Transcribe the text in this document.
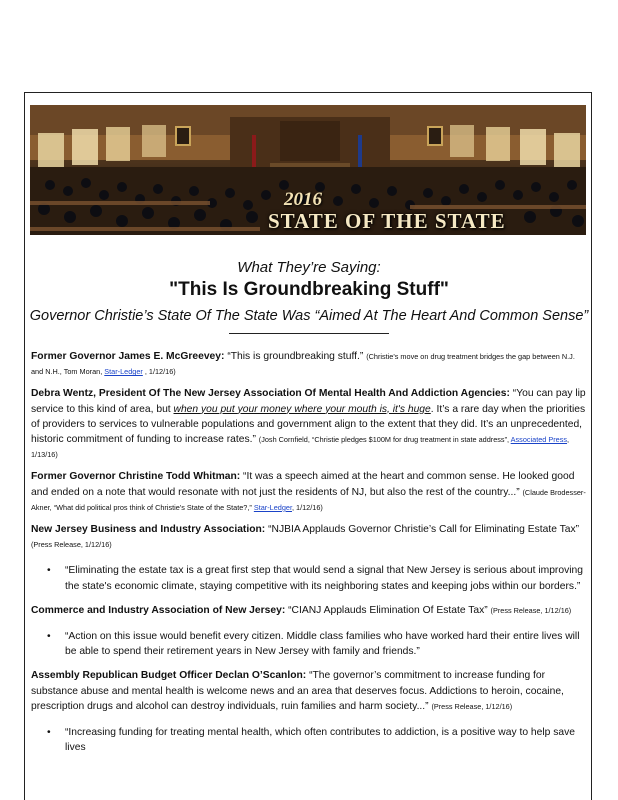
2016
STATE OF THE STATE
What They’re Saying:
"This Is Groundbreaking Stuff"
Governor Christie’s State Of The State Was “Aimed At The Heart And Common Sense”

Former Governor James E. McGreevey: “This is groundbreaking stuff.” (Christie's move on drug treatment bridges the gap between N.J. and N.H., Tom Moran, Star-Ledger , 1/12/16)

Debra Wentz, President Of The New Jersey Association Of Mental Health And Addiction Agencies: “You can pay lip service to this kind of area, but when you put your money where your mouth is, it's huge. It’s a rare day when the priorities of providers to services to vulnerable populations and government align to the extent that they did. It’s an unprecedented, historic commitment of funding to increase rates.” (Josh Cornfield, “Christie pledges $100M for drug treatment in state address”, Associated Press, 1/13/16)

Former Governor Christine Todd Whitman: “It was a speech aimed at the heart and common sense. He looked good and ended on a note that would resonate with not just the residents of NJ, but also the rest of the country...” (Claude Brodesser-Akner, “What did political pros think of Christie's State of the State?,” Star-Ledger, 1/12/16)

New Jersey Business and Industry Association: “NJBIA Applauds Governor Christie’s Call for Eliminating Estate Tax” (Press Release, 1/12/16)

• “Eliminating the estate tax is a great first step that would send a signal that New Jersey is serious about improving the state's economic climate, staying competitive with its neighboring states and keeping jobs within our borders.”

Commerce and Industry Association of New Jersey: “CIANJ Applauds Elimination Of Estate Tax” (Press Release, 1/12/16)

• “Action on this issue would benefit every citizen. Middle class families who have worked hard their entire lives will be able to spend their retirement years in New Jersey with family and friends.”

Assembly Republican Budget Officer Declan O’Scanlon: “The governor’s commitment to increase funding for substance abuse and mental health is welcome news and an area that deserves focus. Addictions to heroin, cocaine, prescription drugs and alcohol can destroy individuals, ruin families and harm society...” (Press Release, 1/12/16)

• “Increasing funding for treating mental health, which often contributes to addiction, is a positive way to help save lives
